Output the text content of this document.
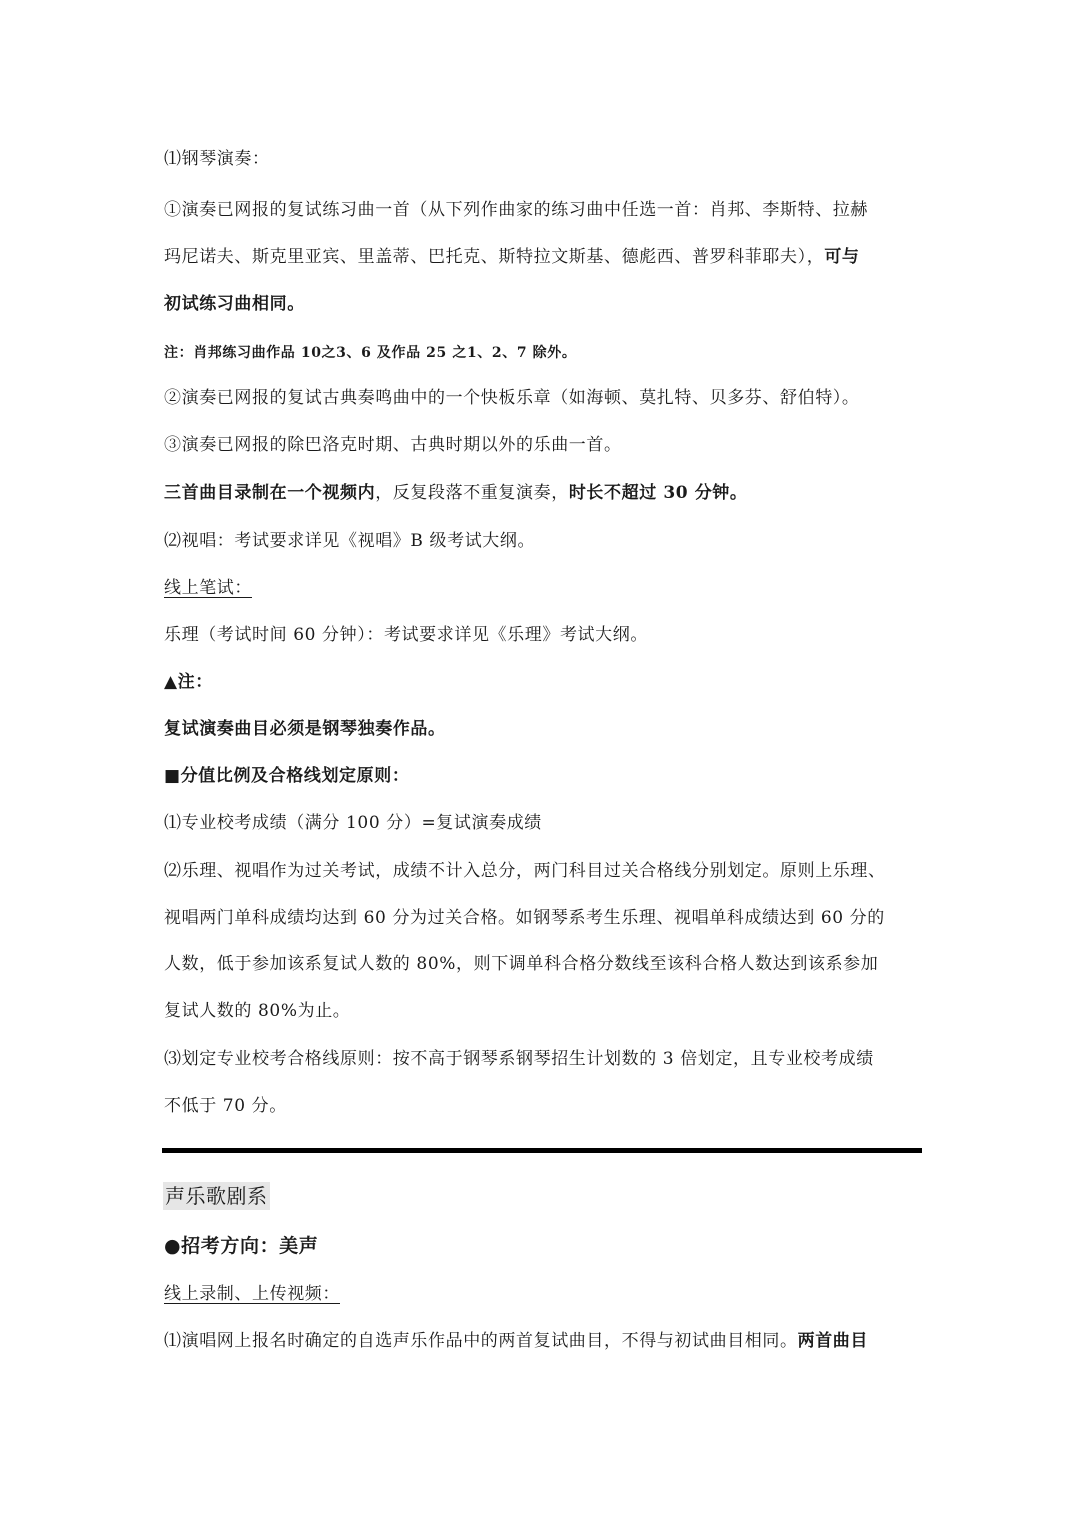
⑴钢琴演奏：
①演奏已网报的复试练习曲一首（从下列作曲家的练习曲中任选一首：肖邦、李斯特、拉赫
玛尼诺夫、斯克里亚宾、里盖蒂、巴托克、斯特拉文斯基、德彪西、普罗科菲耶夫），可与
初试练习曲相同。
注：肖邦练习曲作品 10之3、6 及作品 25 之1、2、7 除外。
②演奏已网报的复试古典奏鸣曲中的一个快板乐章（如海顿、莫扎特、贝多芬、舒伯特）。
③演奏已网报的除巴洛克时期、古典时期以外的乐曲一首。
三首曲目录制在一个视频内，反复段落不重复演奏，时长不超过 30 分钟。
⑵视唱：考试要求详见《视唱》B 级考试大纲。
线上笔试：
乐理（考试时间 60 分钟）：考试要求详见《乐理》考试大纲。
▲注：
复试演奏曲目必须是钢琴独奏作品。
■分值比例及合格线划定原则：
⑴专业校考成绩（满分 100 分）=复试演奏成绩
⑵乐理、视唱作为过关考试，成绩不计入总分，两门科目过关合格线分别划定。原则上乐理、
视唱两门单科成绩均达到 60 分为过关合格。如钢琴系考生乐理、视唱单科成绩达到 60 分的
人数，低于参加该系复试人数的 80%，则下调单科合格分数线至该科合格人数达到该系参加
复试人数的 80%为止。
⑶划定专业校考合格线原则：按不高于钢琴系钢琴招生计划数的 3 倍划定，且专业校考成绩
不低于 70 分。
声乐歌剧系
●招考方向：美声
线上录制、上传视频：
⑴演唱网上报名时确定的自选声乐作品中的两首复试曲目，不得与初试曲目相同。两首曲目
